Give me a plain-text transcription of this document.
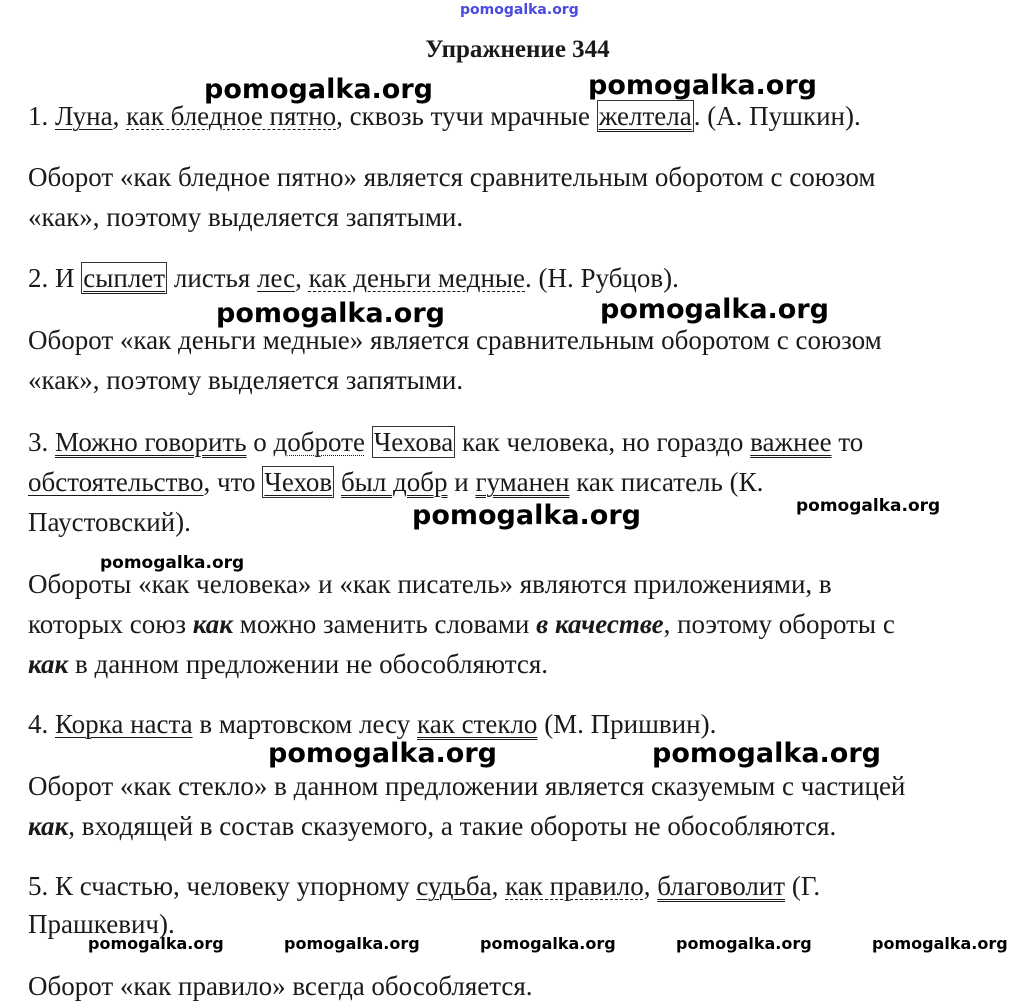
pomogalka.org
pomogalka.org	pomogalka.org
pomogalka.org	pomogalka.org
pomogalka.org	pomogalka.org
pomogalka.org
pomogalka.org	pomogalka.org
pomogalka.org	pomogalka.org	pomogalka.org	pomogalka.org	pomogalka.org
Упражнение 344
1. Луна, как бледное пятно, сквозь тучи мрачные желтела. (А. Пушкин).
Оборот «как бледное пятно» является сравнительным оборотом с союзом
«как», поэтому выделяется запятыми.
2. И сыплет листья лес, как деньги медные. (Н. Рубцов).
Оборот «как деньги медные» является сравнительным оборотом с союзом
«как», поэтому выделяется запятыми.
3. Можно говорить о доброте Чехова как человека, но гораздо важнее то
обстоятельство, что Чехов был добр и гуманен как писатель (К.
Паустовский).
Обороты «как человека» и «как писатель» являются приложениями, в
которых союз как можно заменить словами в качестве, поэтому обороты с
как в данном предложении не обособляются.
4. Корка наста в мартовском лесу как стекло (М. Пришвин).
Оборот «как стекло» в данном предложении является сказуемым с частицей
как, входящей в состав сказуемого, а такие обороты не обособляются.
5. К счастью, человеку упорному судьба, как правило, благоволит (Г.
Прашкевич).
Оборот «как правило» всегда обособляется.
